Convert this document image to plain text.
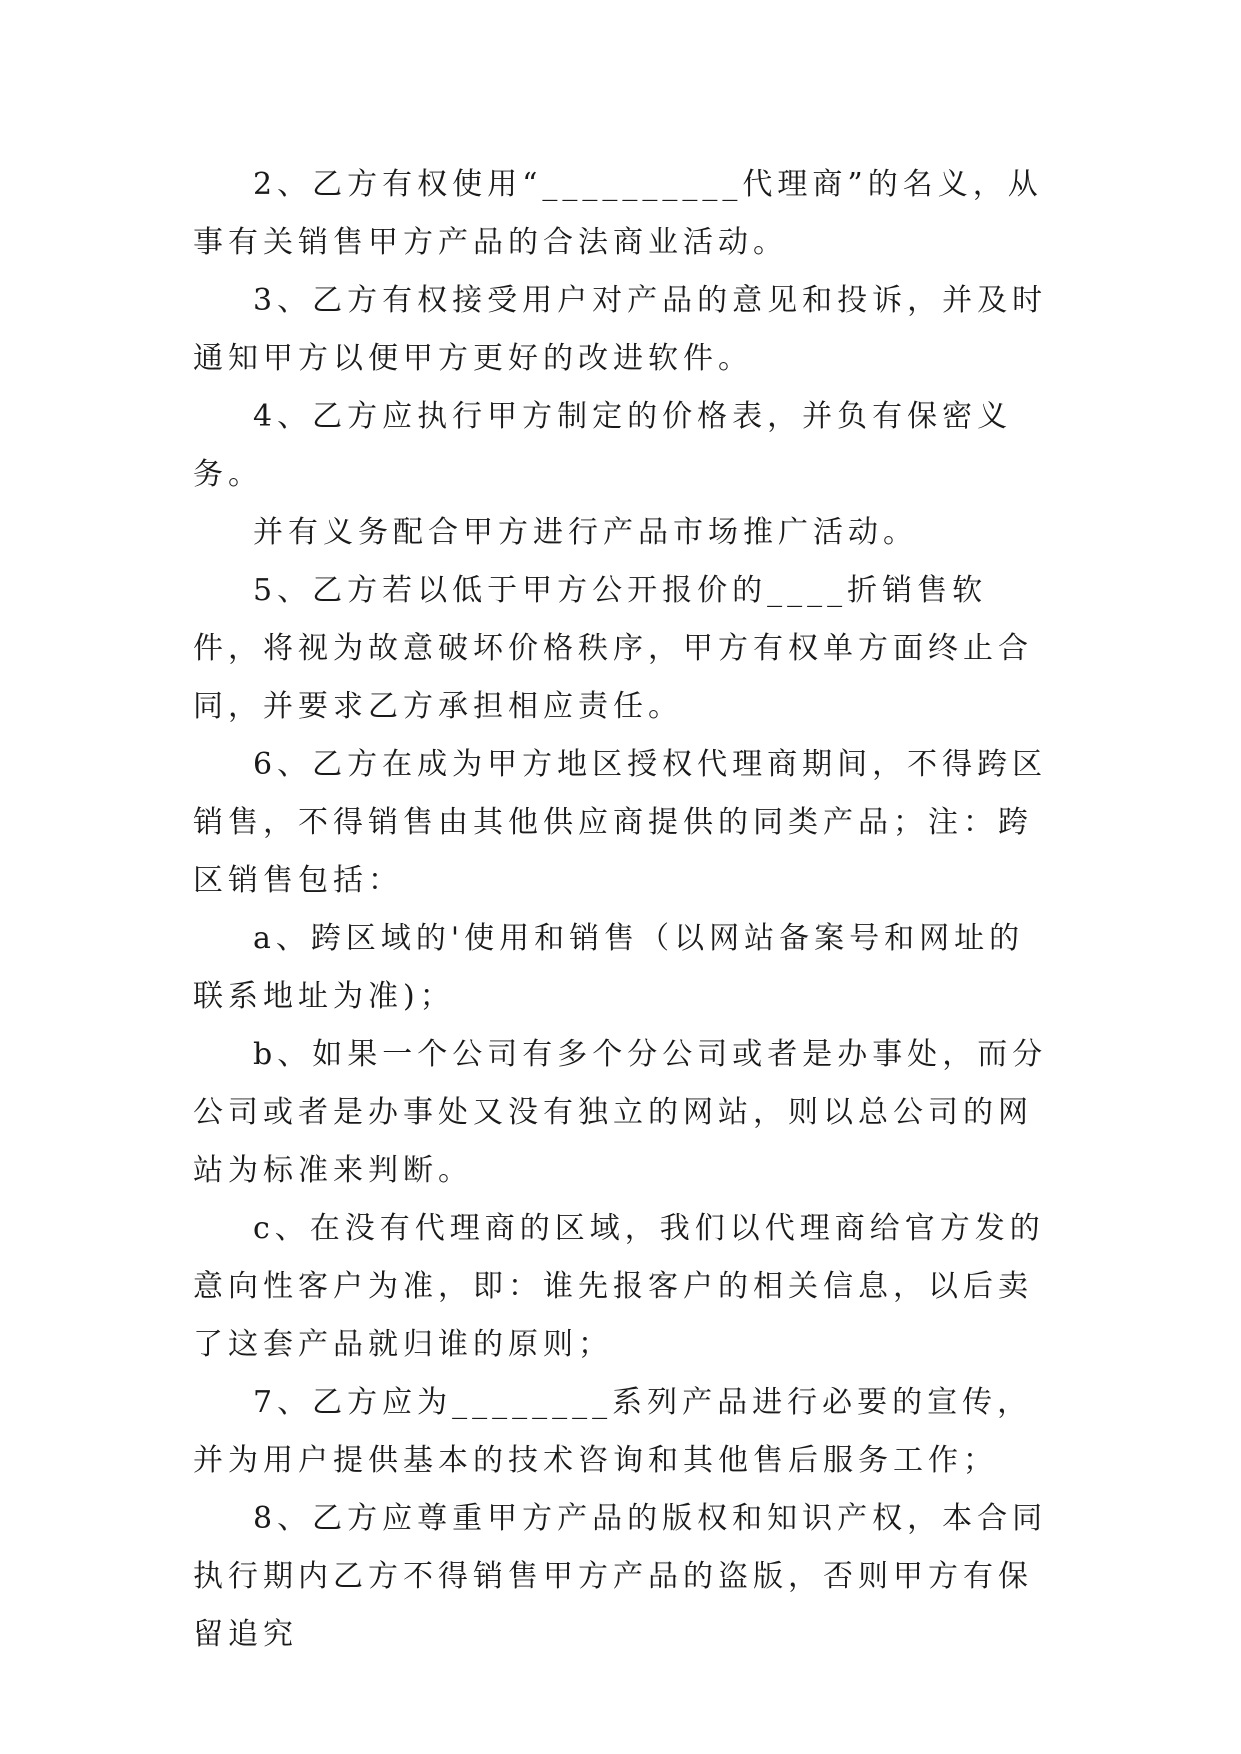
2、乙方有权使用“__________代理商”的名义，从事有关销售甲方产品的合法商业活动。

3、乙方有权接受用户对产品的意见和投诉，并及时通知甲方以便甲方更好的改进软件。

4、乙方应执行甲方制定的价格表，并负有保密义务。

并有义务配合甲方进行产品市场推广活动。

5、乙方若以低于甲方公开报价的____折销售软件，将视为故意破坏价格秩序，甲方有权单方面终止合同，并要求乙方承担相应责任。

6、乙方在成为甲方地区授权代理商期间，不得跨区销售，不得销售由其他供应商提供的同类产品；注：跨区销售包括：

a、跨区域的'使用和销售（以网站备案号和网址的联系地址为准)；

b、如果一个公司有多个分公司或者是办事处，而分公司或者是办事处又没有独立的网站，则以总公司的网站为标准来判断。

c、在没有代理商的区域，我们以代理商给官方发的意向性客户为准，即：谁先报客户的相关信息，以后卖了这套产品就归谁的原则；

7、乙方应为________系列产品进行必要的宣传，并为用户提供基本的技术咨询和其他售后服务工作；

8、乙方应尊重甲方产品的版权和知识产权，本合同执行期内乙方不得销售甲方产品的盗版，否则甲方有保留追究
